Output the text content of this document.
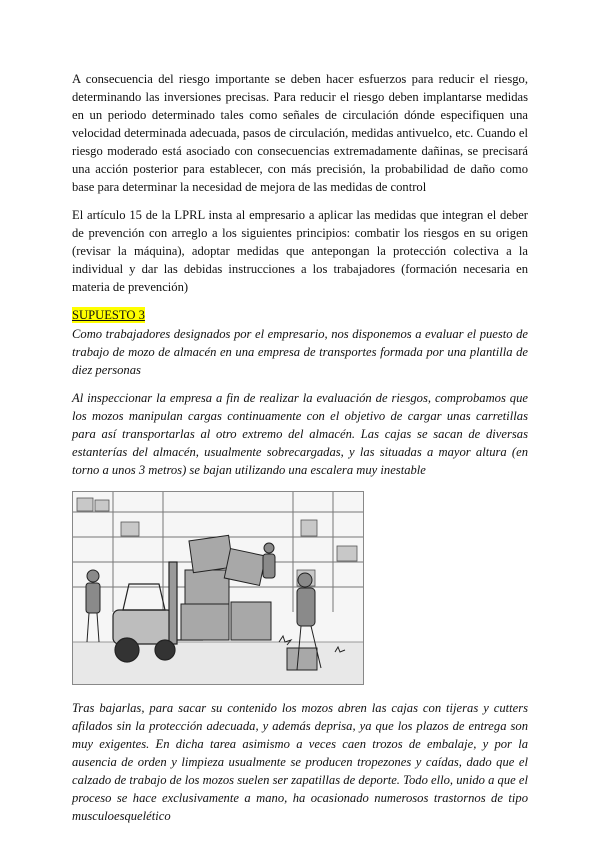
A consecuencia del riesgo importante se deben hacer esfuerzos para reducir el riesgo, determinando las inversiones precisas. Para reducir el riesgo deben implantarse medidas en un periodo determinado tales como señales de circulación dónde especifiquen una velocidad determinada adecuada, pasos de circulación, medidas antivuelco, etc. Cuando el riesgo moderado está asociado con consecuencias extremadamente dañinas, se precisará una acción posterior para establecer, con más precisión, la probabilidad de daño como base para determinar la necesidad de mejora de las medidas de control

El artículo 15 de la LPRL insta al empresario a aplicar las medidas que integran el deber de prevención con arreglo a los siguientes principios: combatir los riesgos en su origen (revisar la máquina), adoptar medidas que antepongan la protección colectiva a la individual y dar las debidas instrucciones a los trabajadores (formación necesaria en materia de prevención)

SUPUESTO 3

Como trabajadores designados por el empresario, nos disponemos a evaluar el puesto de trabajo de mozo de almacén en una empresa de transportes formada por una plantilla de diez personas

Al inspeccionar la empresa a fin de realizar la evaluación de riesgos, comprobamos que los mozos manipulan cargas continuamente con el objetivo de cargar unas carretillas para así transportarlas al otro extremo del almacén. Las cajas se sacan de diversas estanterías del almacén, usualmente sobrecargadas, y las situadas a mayor altura (en torno a unos 3 metros) se bajan utilizando una escalera muy inestable

Tras bajarlas, para sacar su contenido los mozos abren las cajas con tijeras y cutters afilados sin la protección adecuada, y además deprisa, ya que los plazos de entrega son muy exigentes. En dicha tarea asimismo a veces caen trozos de embalaje, y por la ausencia de orden y limpieza usualmente se producen tropezones y caídas, dado que el calzado de trabajo de los mozos suelen ser zapatillas de deporte. Todo ello, unido a que el proceso se hace exclusivamente a mano, ha ocasionado numerosos trastornos de tipo musculoesquelético
